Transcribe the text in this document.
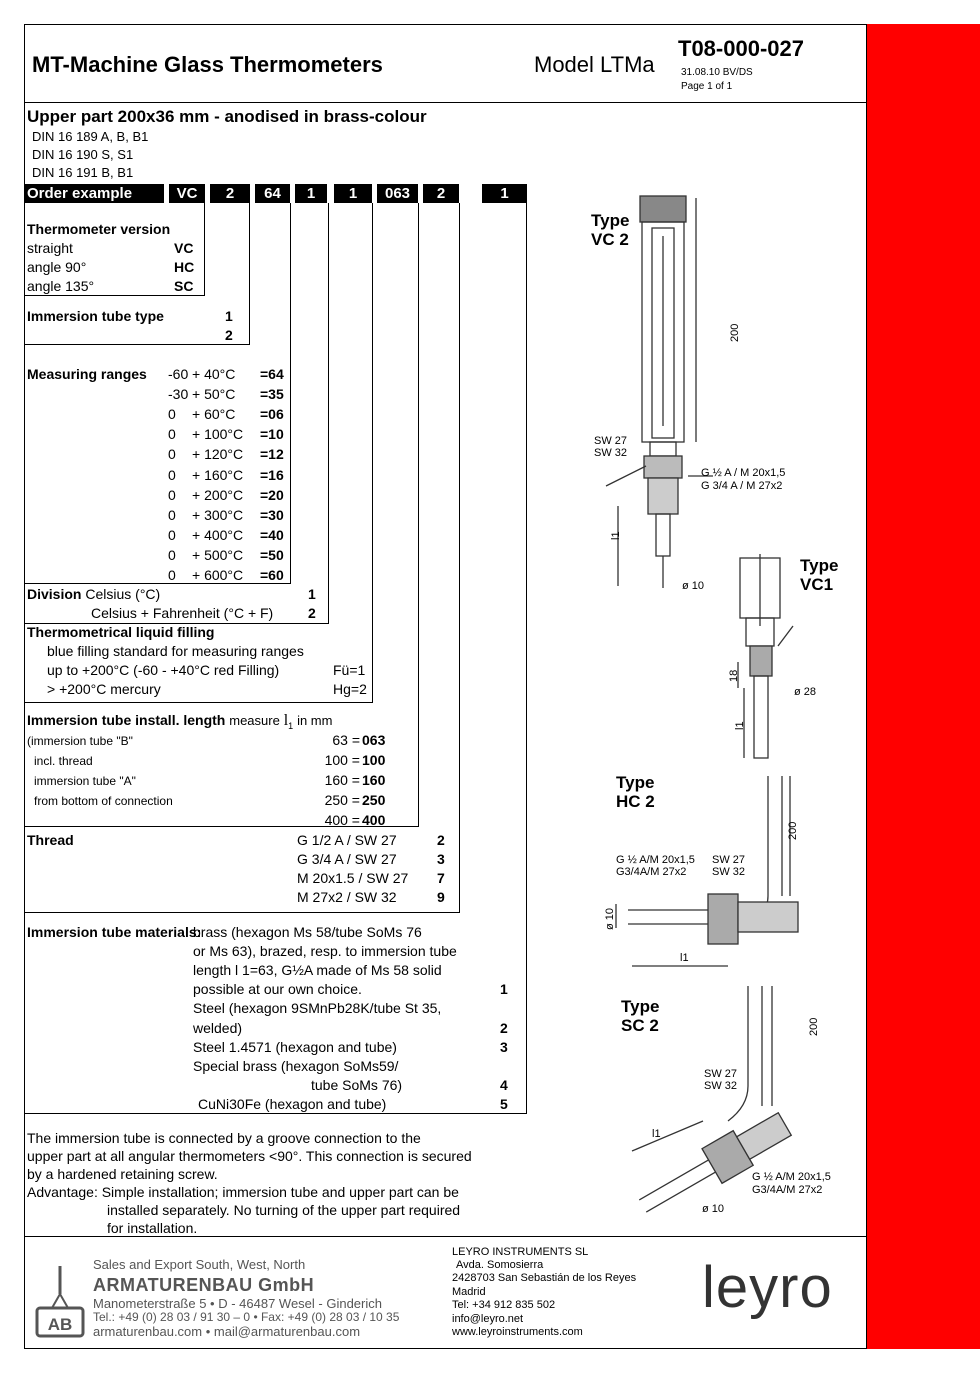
MT-Machine Glass Thermometers	Model LTMa
T08-000-027
31.08.10 BV/DS
Page 1 of 1
Upper part 200x36 mm - anodised in brass-colour
DIN 16 189 A, B, B1
DIN 16 190 S, S1
DIN 16 191 B, B1
Order example	VC	2	64	1	1	063	2	1
Thermometer version
straight	VC
angle 90°	HC
angle 135°	SC
Immersion tube type	1
2
Measuring ranges -60 + 40°C =64
-30 + 50°C =35
0 + 60°C =06
0 + 100°C =10
0 + 120°C =12
0 + 160°C =16
0 + 200°C =20
0 + 300°C =30
0 + 400°C =40
0 + 500°C =50
0 + 600°C =60
Division Celsius (°C)	1
Celsius + Fahrenheit (°C + F) 2
Thermometrical liquid filling
blue filling standard for measuring ranges
up to +200°C (-60 - +40°C red Filling)	Fü=1
> +200°C mercury	Hg=2
Immersion tube install. length measure $l_1$ in mm
(immersion tube "B"	63 = 063
incl. thread	100 = 100
immersion tube "A"	160 = 160
from bottom of connection	250 = 250
400 = 400
Thread	G 1/2 A / SW 27	2
G 3/4 A / SW 27	3
M 20x1.5 / SW 27 7
M 27x2 / SW 32	9
Immersion tube materials:
brass (hexagon Ms 58/tube SoMs 76
or Ms 63), brazed, resp. to immersion tube
length l 1=63, G½A made of Ms 58 solid
possible at our own choice.	1
Steel (hexagon 9SMnPb28K/tube St 35,
welded)	2
Steel 1.4571 (hexagon and tube)	3
Special brass (hexagon SoMs59/
tube SoMs 76)	4
CuNi30Fe (hexagon and tube)	5
The immersion tube is connected by a groove connection to the
upper part at all angular thermometers <90°. This connection is secured
by a hardened retaining screw.
Advantage: Simple installation; immersion tube and upper part can be
installed separately. No turning of the upper part required
for installation.
Sales and Export South, West, North
AB
ARMATURENBAU GmbH
Manometerstraße 5 • D - 46487 Wesel - Ginderich
Tel.: +49 (0) 28 03 / 91 30 – 0 • Fax: +49 (0) 28 03 / 10 35
armaturenbau.com • mail@armaturenbau.com
LEYRO INSTRUMENTS SL
Avda. Somosierra
2428703 San Sebastián de los Reyes
Madrid
Tel: +34 912 835 502
info@leyro.net
www.leyroinstruments.com
leyro
Type
VC 2
200
SW 27
SW 32
G ½ A / M 20x1,5
G 3/4 A / M 27x2
l1
ø 10
Type
VC1
18
ø 28
l1
Type
HC 2
200
G ½ A/M 20x1,5
G3/4A/M 27x2
SW 27
SW 32
ø 10
l1
Type
SC 2	200
SW 27
SW 32
l1
G ½ A/M 20x1,5
G3/4A/M 27x2
ø 10
